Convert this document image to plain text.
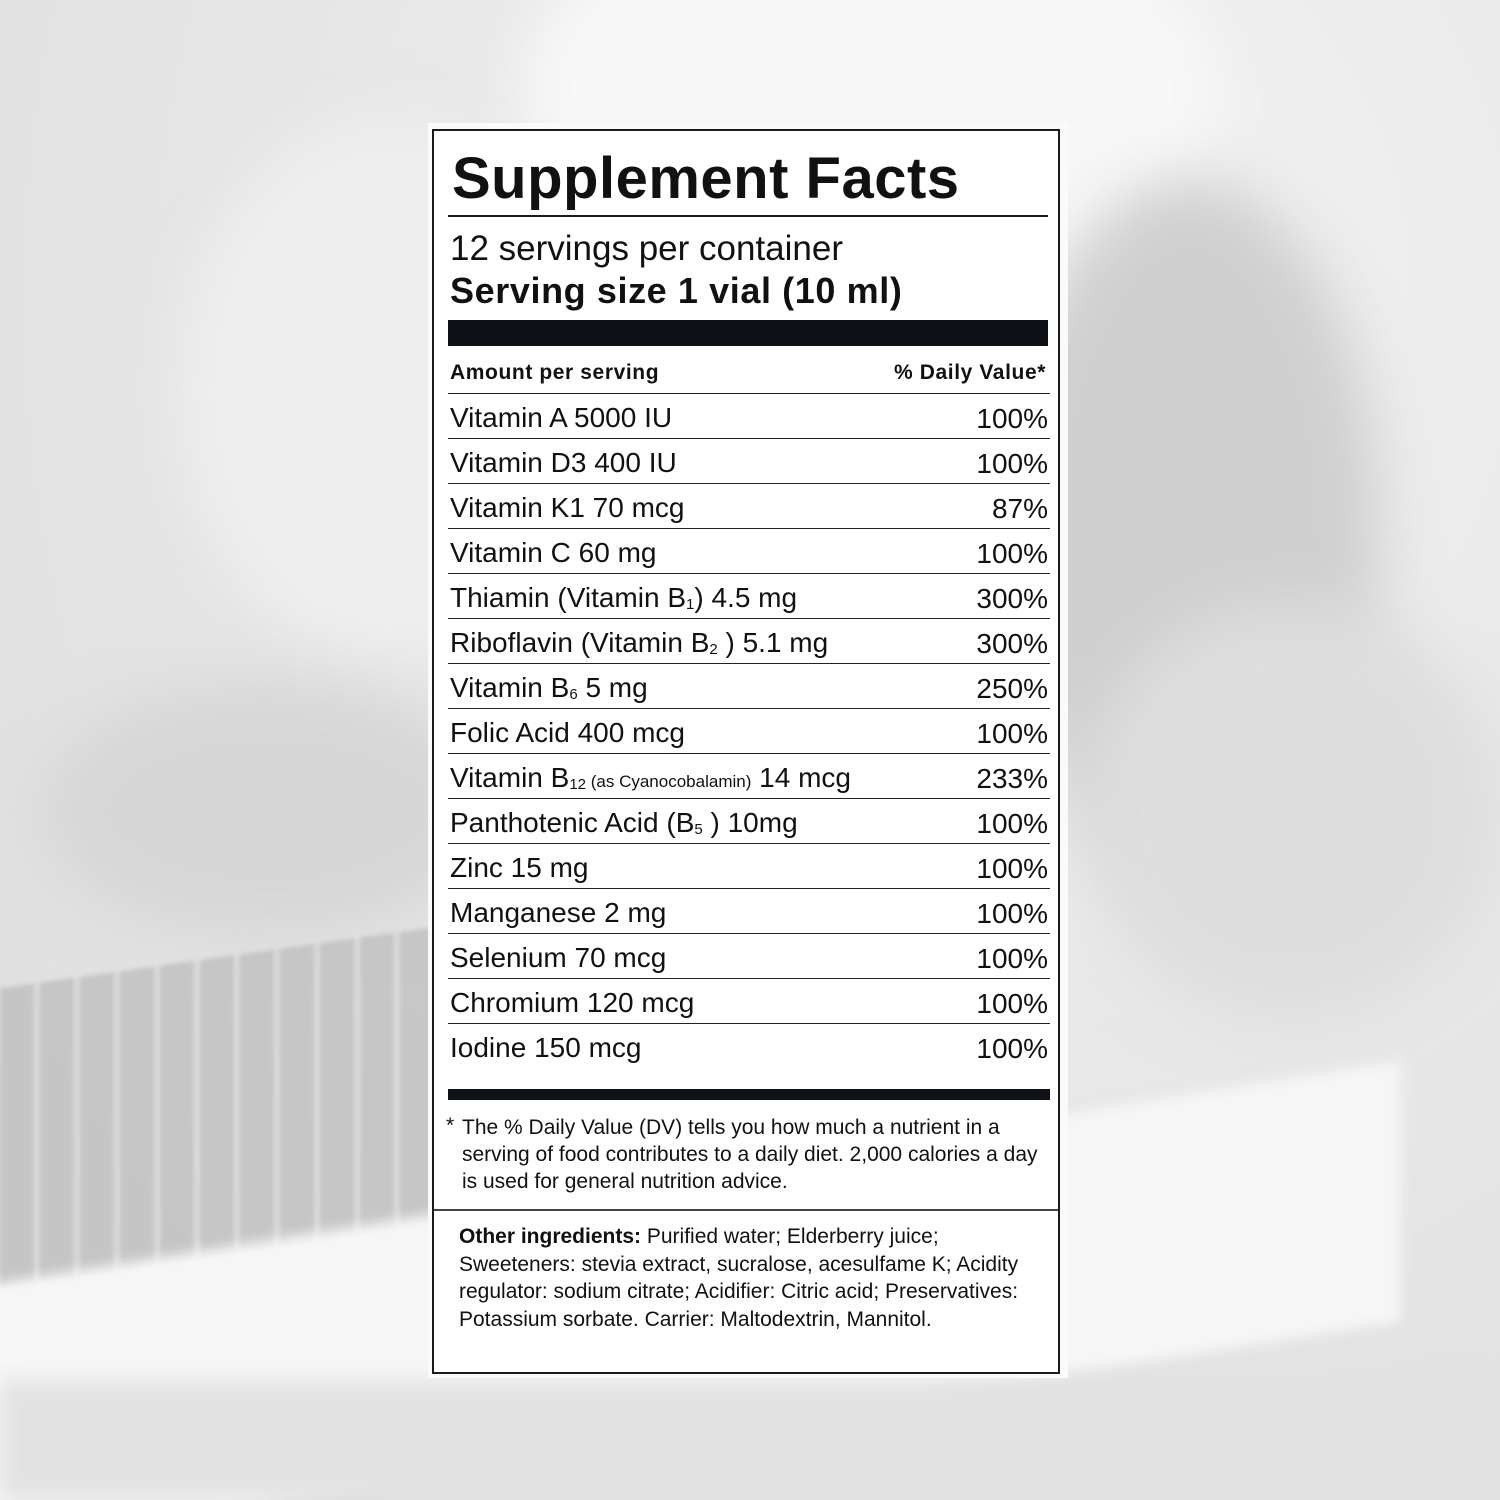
Supplement Facts
12 servings per container
Serving size 1 vial (10 ml)
Amount per serving	% Daily Value*
Vitamin A 5000 IU	100%
Vitamin D3 400 IU	100%
Vitamin K1 70 mcg	87%
Vitamin C 60 mg	100%
Thiamin (Vitamin $B_1$) 4.5 mg	300%
Riboflavin (Vitamin $B_2$ ) 5.1 mg	300%
Vitamin $B_6$ 5 mg	250%
Folic Acid 400 mcg	100%
Vitamin $B_{12}$ (as Cyanocobalamin) 14 mcg	233%
Panthotenic Acid ($B_5$ ) 10mg	100%
Zinc 15 mg	100%
Manganese 2 mg	100%
Selenium 70 mcg	100%
Chromium 120 mcg	100%
Iodine 150 mcg	100%
* The % Daily Value (DV) tells you how much a nutrient in a serving of food contributes to a daily diet. 2,000 calories a day is used for general nutrition advice.
Other ingredients: Purified water; Elderberry juice; Sweeteners: stevia extract, sucralose, acesulfame K; Acidity regulator: sodium citrate; Acidifier: Citric acid; Preservatives: Potassium sorbate. Carrier: Maltodextrin, Mannitol.
